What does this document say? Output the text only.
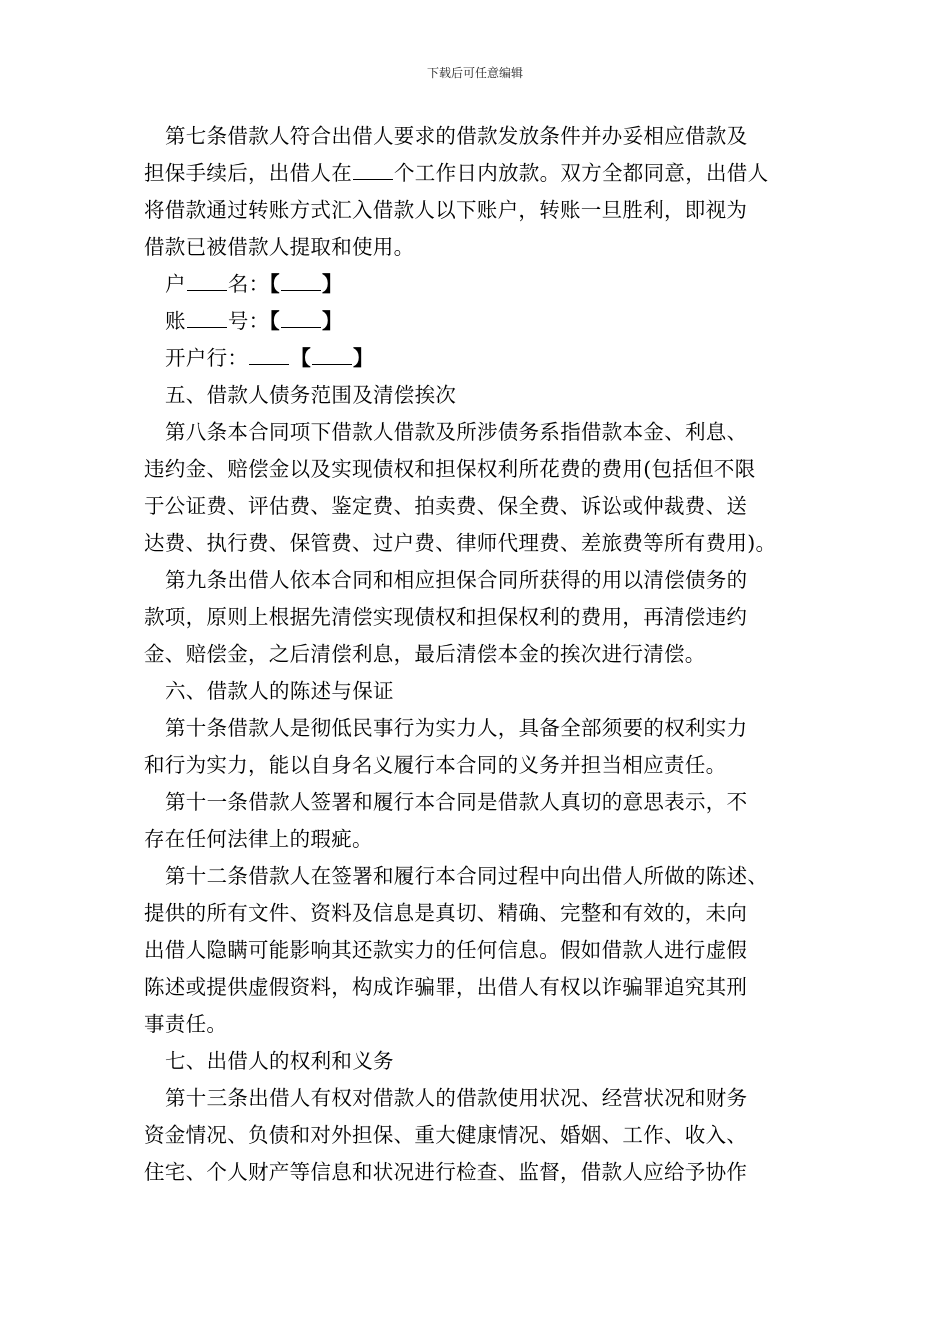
下载后可任意编辑
第七条借款人符合出借人要求的借款发放条件并办妥相应借款及
担保手续后，出借人在 个工作日内放款。双方全都同意，出借人
将借款通过转账方式汇入借款人以下账户，转账一旦胜利，即视为
借款已被借款人提取和使用。
户 名：【 】
账 号：【 】
开户行： 【 】
五、借款人债务范围及清偿挨次
第八条本合同项下借款人借款及所涉债务系指借款本金、利息、
违约金、赔偿金以及实现债权和担保权利所花费的费用(包括但不限
于公证费、评估费、鉴定费、拍卖费、保全费、诉讼或仲裁费、送
达费、执行费、保管费、过户费、律师代理费、差旅费等所有费用)。
第九条出借人依本合同和相应担保合同所获得的用以清偿债务的
款项，原则上根据先清偿实现债权和担保权利的费用，再清偿违约
金、赔偿金，之后清偿利息，最后清偿本金的挨次进行清偿。
六、借款人的陈述与保证
第十条借款人是彻低民事行为实力人，具备全部须要的权利实力
和行为实力，能以自身名义履行本合同的义务并担当相应责任。
第十一条借款人签署和履行本合同是借款人真切的意思表示，不
存在任何法律上的瑕疵。
第十二条借款人在签署和履行本合同过程中向出借人所做的陈述、
提供的所有文件、资料及信息是真切、精确、完整和有效的，未向
出借人隐瞒可能影响其还款实力的任何信息。假如借款人进行虚假
陈述或提供虚假资料，构成诈骗罪，出借人有权以诈骗罪追究其刑
事责任。
七、出借人的权利和义务
第十三条出借人有权对借款人的借款使用状况、经营状况和财务
资金情况、负债和对外担保、重大健康情况、婚姻、工作、收入、
住宅、个人财产等信息和状况进行检查、监督，借款人应给予协作
